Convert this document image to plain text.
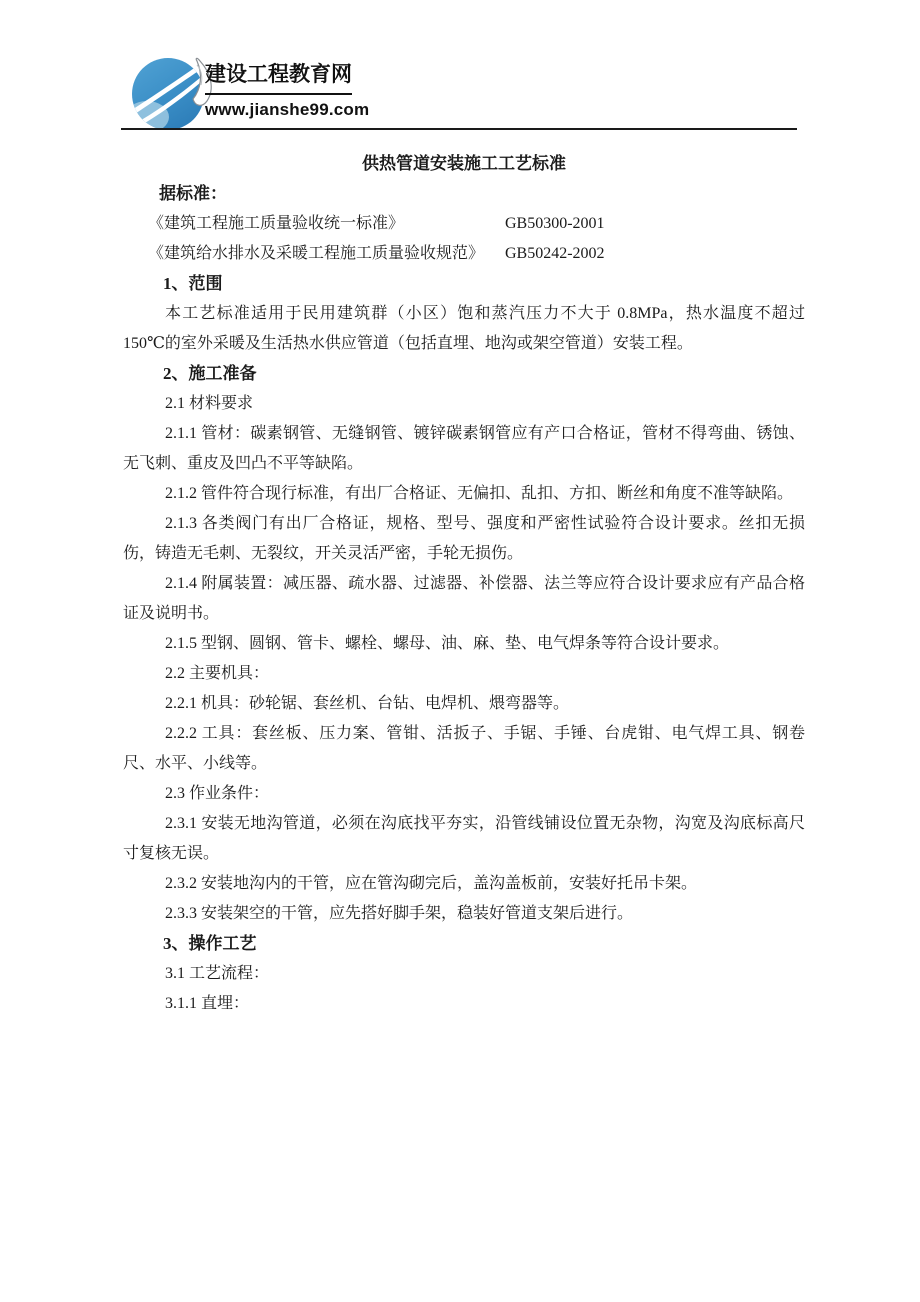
建设工程教育网
www.jianshe99.com

供热管道安装施工工艺标准

据标准：

《建筑工程施工质量验收统一标准》	GB50300-2001

《建筑给水排水及采暖工程施工质量验收规范》 GB50242-2002

1、范围

本工艺标准适用于民用建筑群（小区）饱和蒸汽压力不大于 0.8MPa，热水温度不超过 150℃的室外采暖及生活热水供应管道（包括直埋、地沟或架空管道）安装工程。

2、施工准备

2.1 材料要求

2.1.1 管材：碳素钢管、无缝钢管、镀锌碳素钢管应有产口合格证，管材不得弯曲、锈蚀、无飞刺、重皮及凹凸不平等缺陷。

2.1.2 管件符合现行标准，有出厂合格证、无偏扣、乱扣、方扣、断丝和角度不准等缺陷。

2.1.3 各类阀门有出厂合格证，规格、型号、强度和严密性试验符合设计要求。丝扣无损伤，铸造无毛刺、无裂纹，开关灵活严密，手轮无损伤。

2.1.4 附属装置：减压器、疏水器、过滤器、补偿器、法兰等应符合设计要求应有产品合格证及说明书。

2.1.5 型钢、圆钢、管卡、螺栓、螺母、油、麻、垫、电气焊条等符合设计要求。

2.2 主要机具：

2.2.1 机具：砂轮锯、套丝机、台钻、电焊机、煨弯器等。

2.2.2 工具：套丝板、压力案、管钳、活扳子、手锯、手锤、台虎钳、电气焊工具、钢卷尺、水平、小线等。

2.3 作业条件：

2.3.1 安装无地沟管道，必须在沟底找平夯实，沿管线铺设位置无杂物，沟宽及沟底标高尺寸复核无误。

2.3.2 安装地沟内的干管，应在管沟砌完后，盖沟盖板前，安装好托吊卡架。

2.3.3 安装架空的干管，应先搭好脚手架，稳装好管道支架后进行。

3、操作工艺

3.1 工艺流程：

3.1.1 直埋：
